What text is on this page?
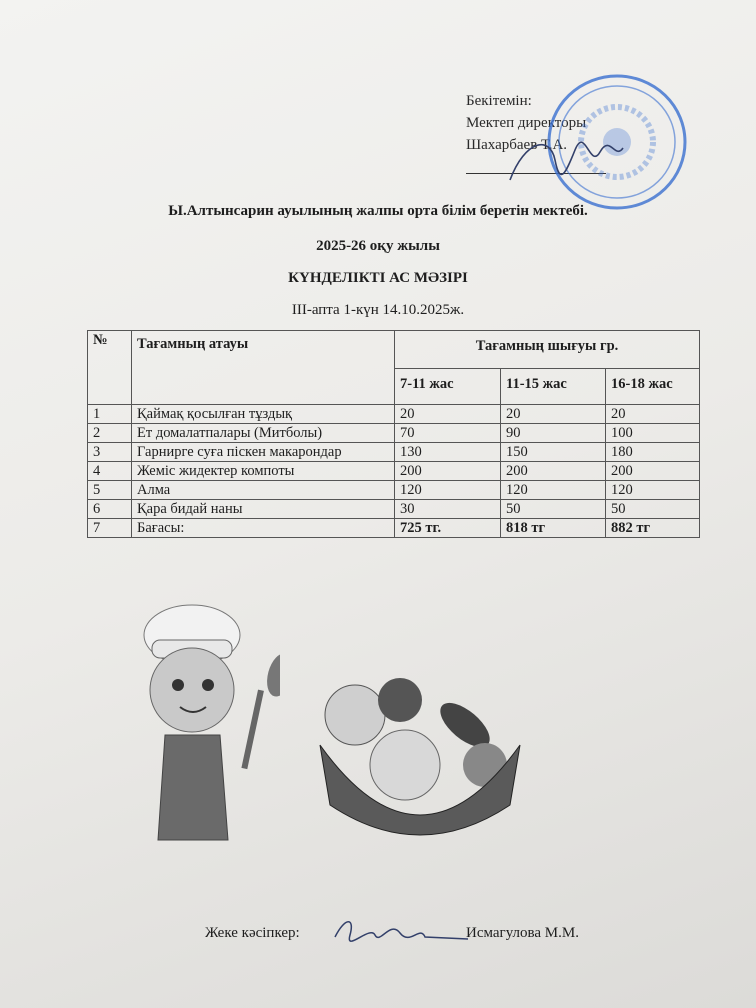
Бекітемін:
Мектеп директоры
Шахарбаев Т.А.
Ы.Алтынсарин ауылының жалпы орта білім беретін мектебі.
2025-26 оқу жылы
КҮНДЕЛІКТІ АС МӘЗІРІ
ІІІ-апта 1-күн 14.10.2025ж.
№	Тағамның атауы	Тағамның шығуы гр.		
		7-11 жас	11-15 жас	16-18 жас
1	Қаймақ қосылған тұздық	20	20	20
2	Ет домалатпалары (Митболы)	70	90	100
3	Гарнирге суға піскен макарондар	130	150	180
4	Жеміс жидектер компоты	200	200	200
5	Алма	120	120	120
6	Қара бидай наны	30	50	50
7	Бағасы:	725 тг.	818 тг	882 тг
Жеке кәсіпкер:	Исмагулова М.М.
